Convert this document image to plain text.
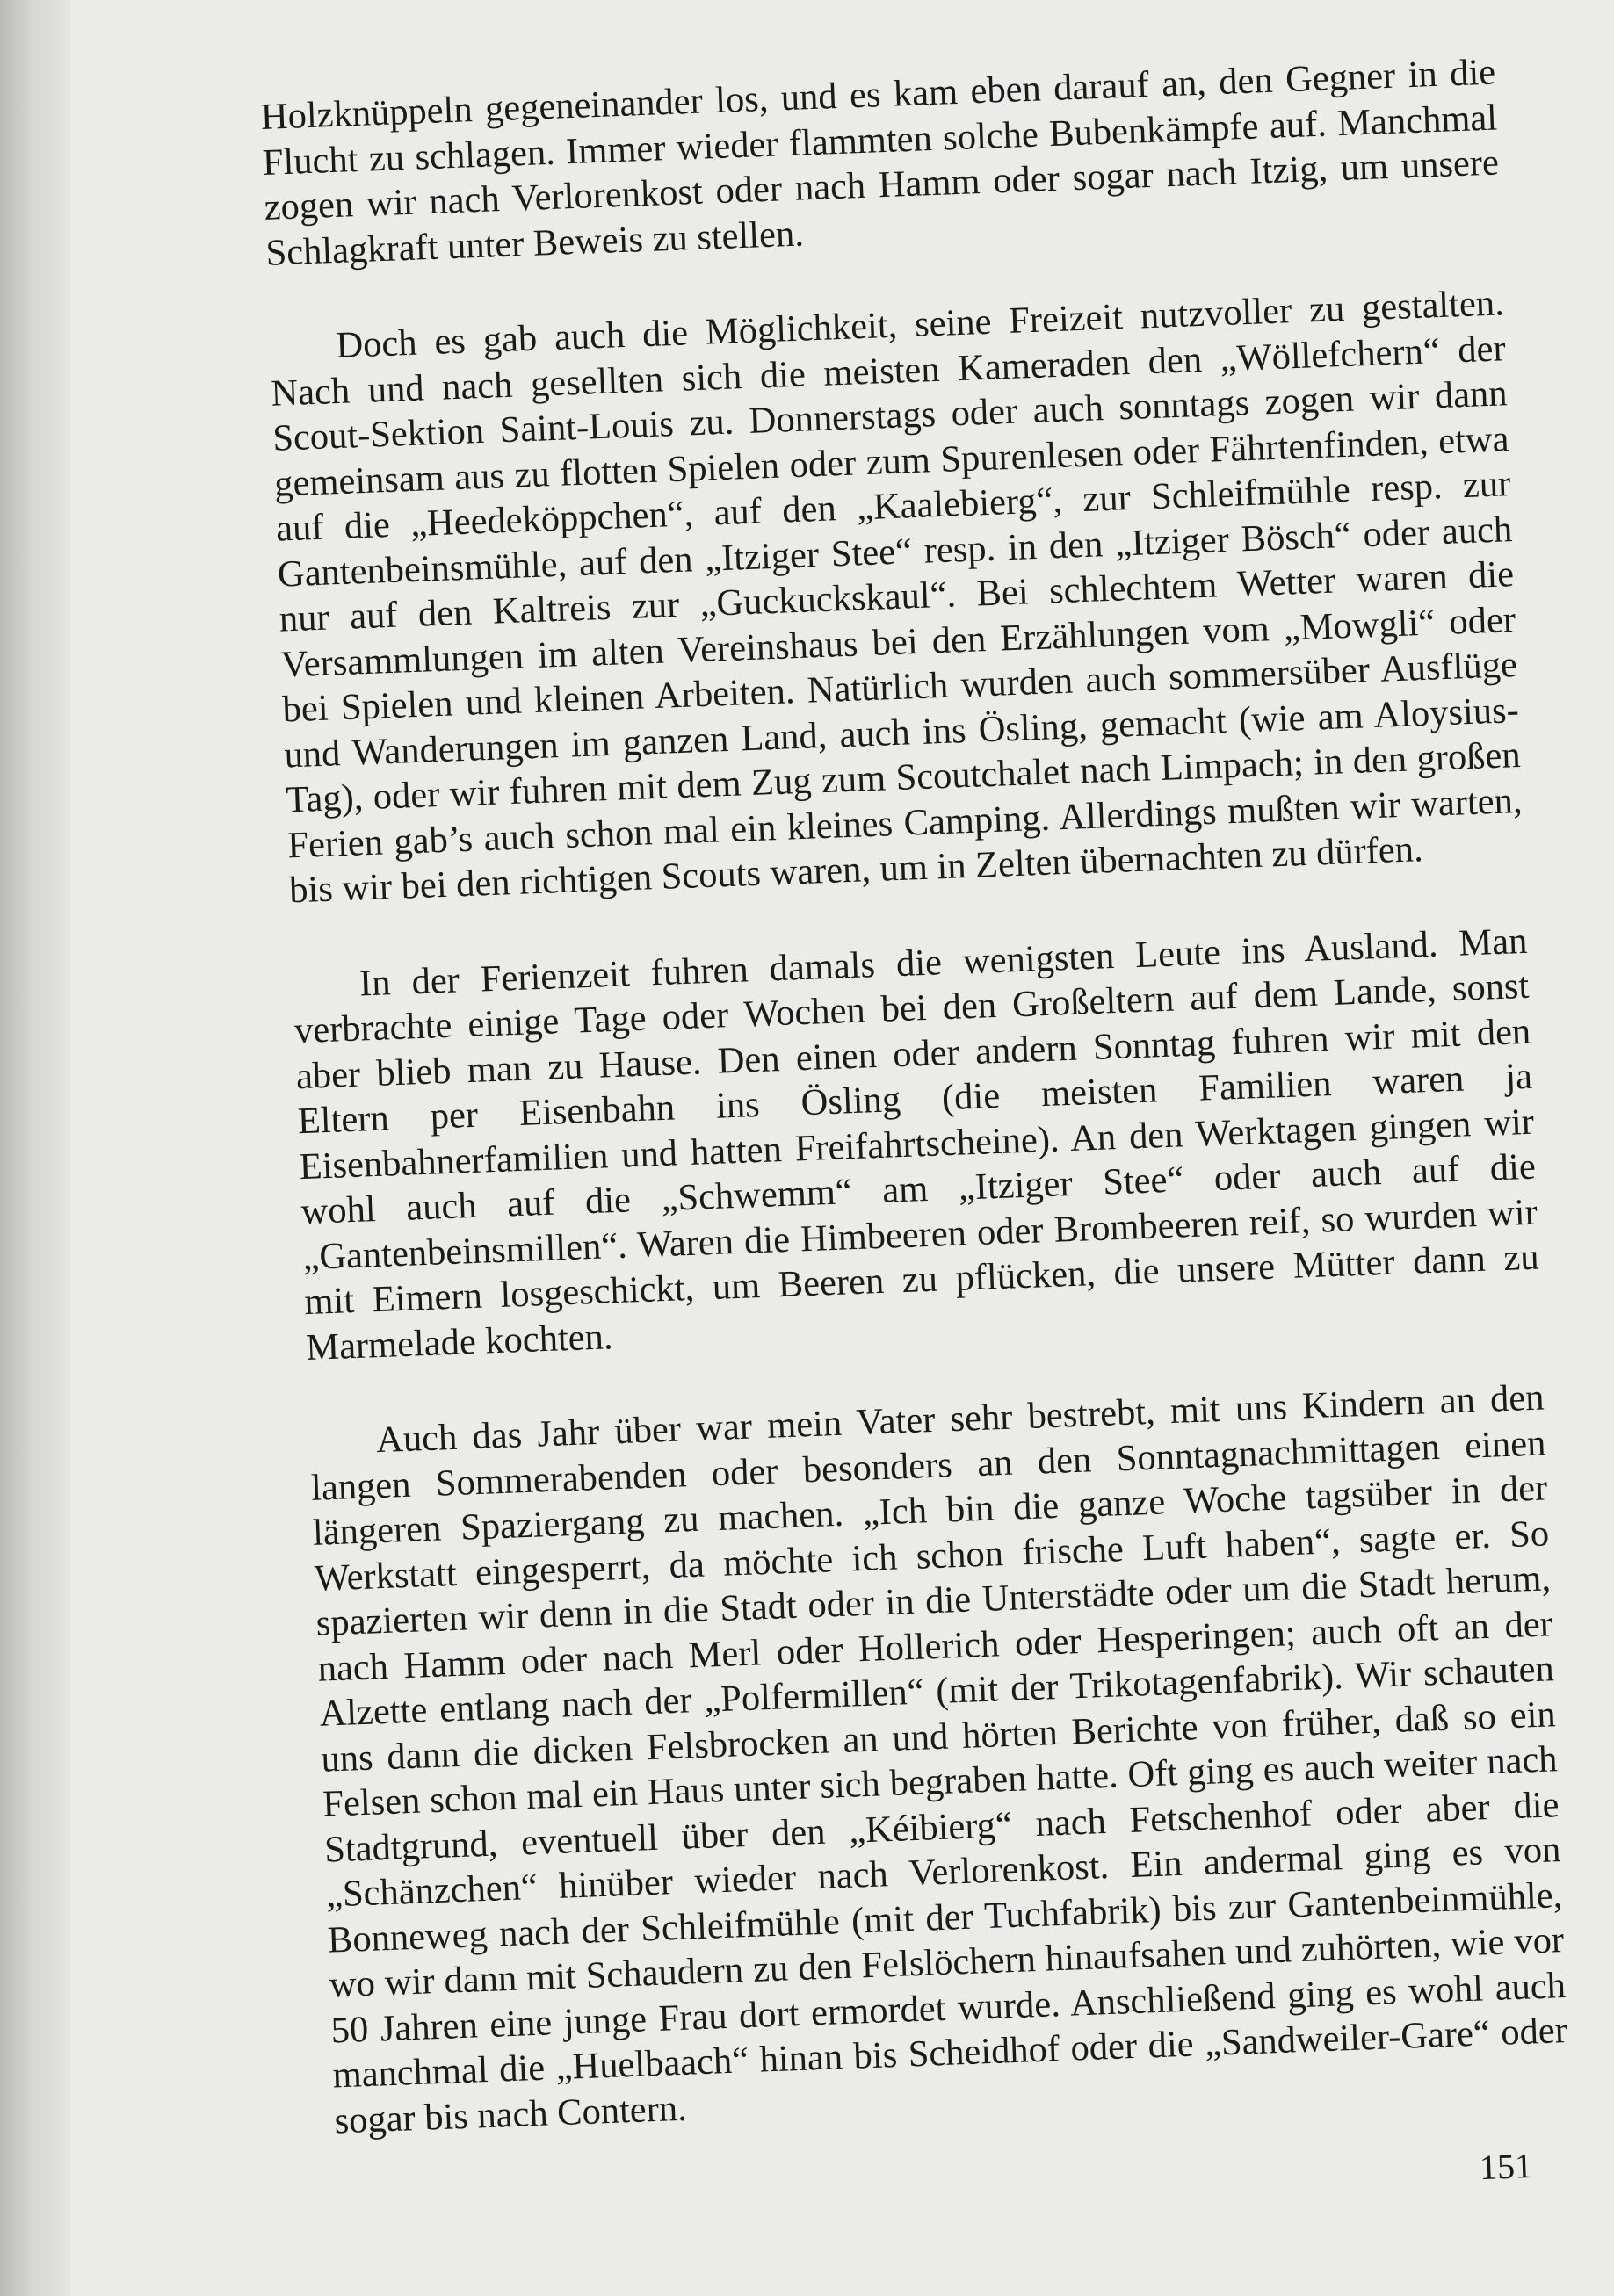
Holzknüppeln gegeneinander los, und es kam eben darauf an, den Gegner in die Flucht zu schlagen. Immer wieder flammten solche Bubenkämpfe auf. Manchmal zogen wir nach Verlorenkost oder nach Hamm oder sogar nach Itzig, um unsere Schlagkraft unter Beweis zu stellen.

Doch es gab auch die Möglichkeit, seine Freizeit nutzvoller zu gestalten. Nach und nach gesellten sich die meisten Kameraden den „Wöllefchern“ der Scout-Sektion Saint-Louis zu. Donnerstags oder auch sonntags zogen wir dann gemeinsam aus zu flotten Spielen oder zum Spurenlesen oder Fährtenfinden, etwa auf die „Heedeköppchen“, auf den „Kaalebierg“, zur Schleifmühle resp. zur Gantenbeinsmühle, auf den „Itziger Stee“ resp. in den „Itziger Bösch“ oder auch nur auf den Kaltreis zur „Guckuckskaul“. Bei schlechtem Wetter waren die Versammlungen im alten Vereinshaus bei den Erzählungen vom „Mowgli“ oder bei Spielen und kleinen Arbeiten. Natürlich wurden auch sommersüber Ausflüge und Wanderungen im ganzen Land, auch ins Ösling, gemacht (wie am Aloysius-Tag), oder wir fuhren mit dem Zug zum Scoutchalet nach Limpach; in den großen Ferien gab’s auch schon mal ein kleines Camping. Allerdings mußten wir warten, bis wir bei den richtigen Scouts waren, um in Zelten übernachten zu dürfen.

In der Ferienzeit fuhren damals die wenigsten Leute ins Ausland. Man verbrachte einige Tage oder Wochen bei den Großeltern auf dem Lande, sonst aber blieb man zu Hause. Den einen oder andern Sonntag fuhren wir mit den Eltern per Eisenbahn ins Ösling (die meisten Familien waren ja Eisenbahnerfamilien und hatten Freifahrtscheine). An den Werktagen gingen wir wohl auch auf die „Schwemm“ am „Itziger Stee“ oder auch auf die „Gantenbeinsmillen“. Waren die Himbeeren oder Brombeeren reif, so wurden wir mit Eimern losgeschickt, um Beeren zu pflücken, die unsere Mütter dann zu Marmelade kochten.

Auch das Jahr über war mein Vater sehr bestrebt, mit uns Kindern an den langen Sommerabenden oder besonders an den Sonntagnachmittagen einen längeren Spaziergang zu machen. „Ich bin die ganze Woche tagsüber in der Werkstatt eingesperrt, da möchte ich schon frische Luft haben“, sagte er. So spazierten wir denn in die Stadt oder in die Unterstädte oder um die Stadt herum, nach Hamm oder nach Merl oder Hollerich oder Hesperingen; auch oft an der Alzette entlang nach der „Polfermillen“ (mit der Trikotagenfabrik). Wir schauten uns dann die dicken Felsbrocken an und hörten Berichte von früher, daß so ein Felsen schon mal ein Haus unter sich begraben hatte. Oft ging es auch weiter nach Stadtgrund, eventuell über den „Kéibierg“ nach Fetschenhof oder aber die „Schänzchen“ hinüber wieder nach Verlorenkost. Ein andermal ging es von Bonneweg nach der Schleifmühle (mit der Tuchfabrik) bis zur Gantenbeinmühle, wo wir dann mit Schaudern zu den Felslöchern hinaufsahen und zuhörten, wie vor 50 Jahren eine junge Frau dort ermordet wurde. Anschließend ging es wohl auch manchmal die „Huelbaach“ hinan bis Scheidhof oder die „Sandweiler-Gare“ oder sogar bis nach Contern.

151
